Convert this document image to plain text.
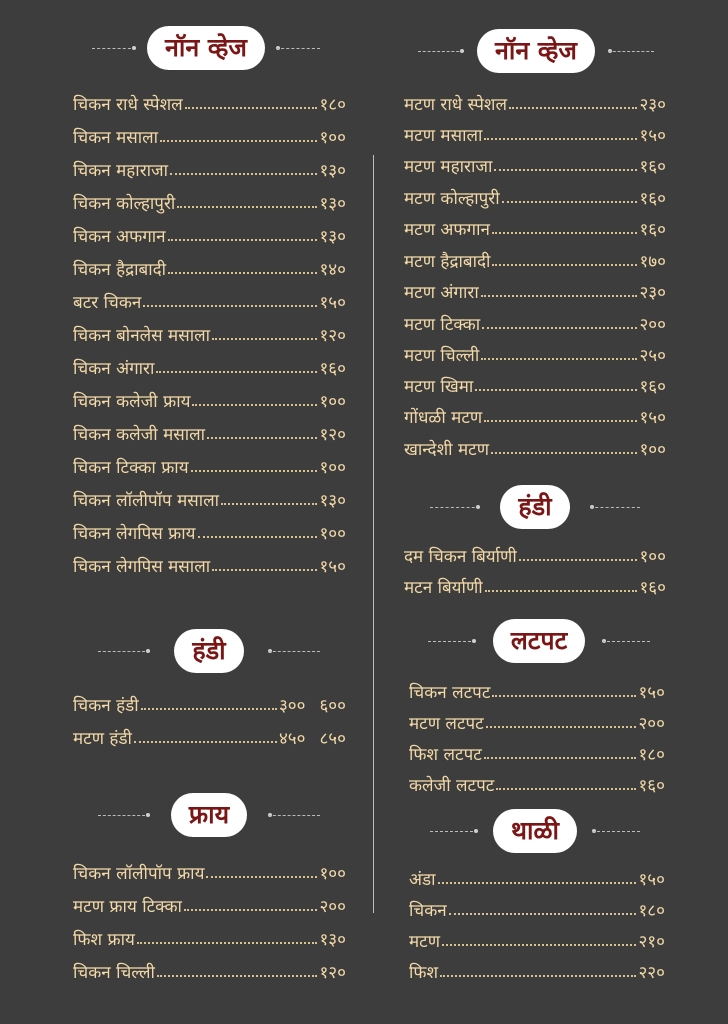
नॉन व्हेज
चिकन राधे स्पेशल	१८०
चिकन मसाला	१००
चिकन महाराजा	१३०
चिकन कोल्हापुरी	१३०
चिकन अफगान	१३०
चिकन हैद्राबादी	१४०
बटर चिकन	१५०
चिकन बोनलेस मसाला	१२०
चिकन अंगारा	१६०
चिकन कलेजी फ्राय	१००
चिकन कलेजी मसाला	१२०
चिकन टिक्का फ्राय	१००
चिकन लॉलीपॉप मसाला	१३०
चिकन लेगपिस फ्राय	१००
चिकन लेगपिस मसाला	१५०
हंडी
चिकन हंडी	३०० ६००
मटण हंडी	४५० ८५०
फ्राय
चिकन लॉलीपॉप फ्राय	१००
मटण फ्राय टिक्का	२००
फिश फ्राय	१३०
चिकन चिल्ली	१२०
नॉन व्हेज
मटण राधे स्पेशल	२३०
मटण मसाला	१५०
मटण महाराजा	१६०
मटण कोल्हापुरी	१६०
मटण अफगान	१६०
मटण हैद्राबादी	१७०
मटण अंगारा	२३०
मटण टिक्का	२००
मटण चिल्ली	२५०
मटण खिमा	१६०
गोंधळी मटण	१५०
खान्देशी मटण	१००
हंडी
दम चिकन बिर्याणी	१००
मटन बिर्याणी	१६०
लटपट
चिकन लटपट	१५०
मटण लटपट	२००
फिश लटपट	१८०
कलेजी लटपट	१६०
थाळी
अंडा	१५०
चिकन	१८०
मटण	२१०
फिश	२२०
